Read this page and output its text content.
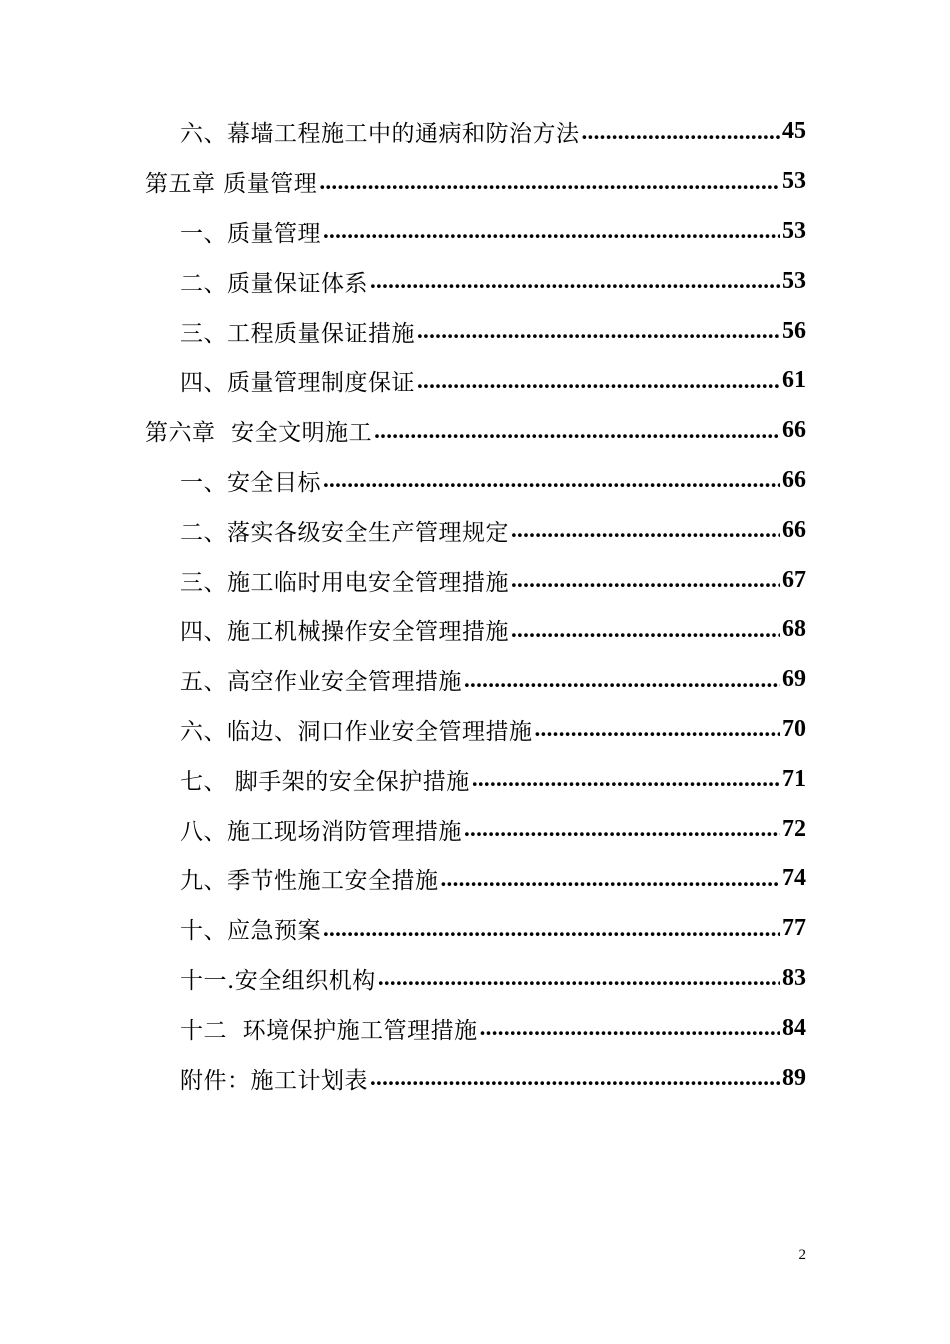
六、幕墙工程施工中的通病和防治方法 .....	45
第五章 质量管理 .....	53
一、质量管理 .....	53
二、质量保证体系 .....	53
三、工程质量保证措施 .....	56
四、质量管理制度保证 .....	61
第六章  安全文明施工 .....	66
一、安全目标 .....	66
二、落实各级安全生产管理规定 .....	66
三、施工临时用电安全管理措施 .....	67
四、施工机械操作安全管理措施 .....	68
五、高空作业安全管理措施 .....	69
六、临边、洞口作业安全管理措施 .....	70
七、 脚手架的安全保护措施 .....	71
八、施工现场消防管理措施 .....	72
九、季节性施工安全措施 .....	74
十、应急预案 .....	77
十一.安全组织机构 .....	83
十二  环境保护施工管理措施 .....	84
附件：施工计划表 .....	89
2
